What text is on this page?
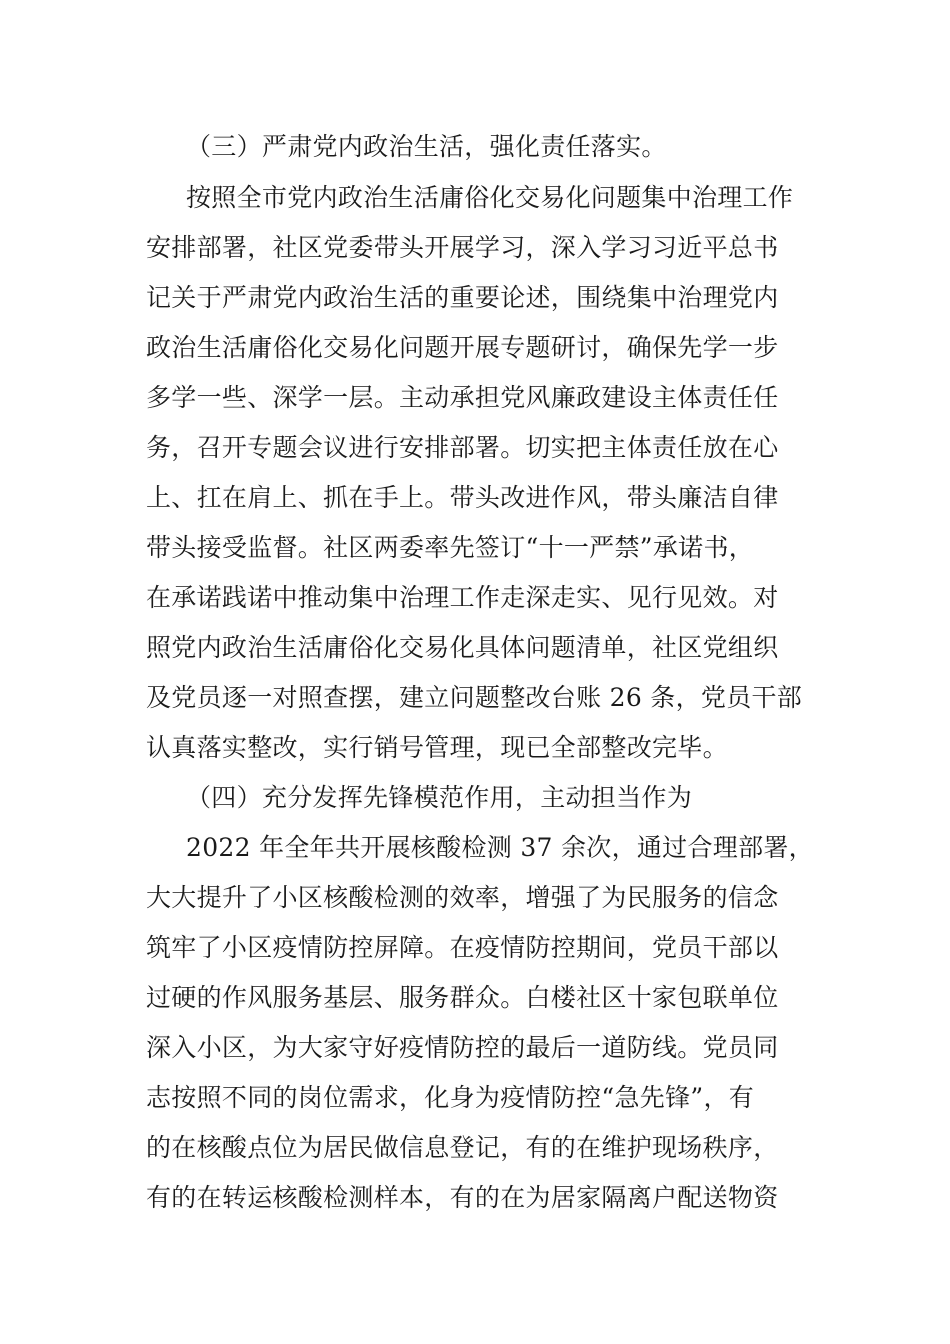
（三）严肃党内政治生活，强化责任落实。
按照全市党内政治生活庸俗化交易化问题集中治理工作
安排部署，社区党委带头开展学习，深入学习习近平总书
记关于严肃党内政治生活的重要论述，围绕集中治理党内
政治生活庸俗化交易化问题开展专题研讨，确保先学一步
多学一些、深学一层。主动承担党风廉政建设主体责任任
务，召开专题会议进行安排部署。切实把主体责任放在心
上、扛在肩上、抓在手上。带头改进作风，带头廉洁自律
带头接受监督。社区两委率先签订“十一严禁”承诺书，
在承诺践诺中推动集中治理工作走深走实、见行见效。对
照党内政治生活庸俗化交易化具体问题清单，社区党组织
及党员逐一对照查摆，建立问题整改台账 26 条，党员干部
认真落实整改，实行销号管理，现已全部整改完毕。
（四）充分发挥先锋模范作用，主动担当作为
2022 年全年共开展核酸检测 37 余次，通过合理部署，
大大提升了小区核酸检测的效率，增强了为民服务的信念
筑牢了小区疫情防控屏障。在疫情防控期间，党员干部以
过硬的作风服务基层、服务群众。白楼社区十家包联单位
深入小区，为大家守好疫情防控的最后一道防线。党员同
志按照不同的岗位需求，化身为疫情防控“急先锋”，有
的在核酸点位为居民做信息登记，有的在维护现场秩序，
有的在转运核酸检测样本，有的在为居家隔离户配送物资
